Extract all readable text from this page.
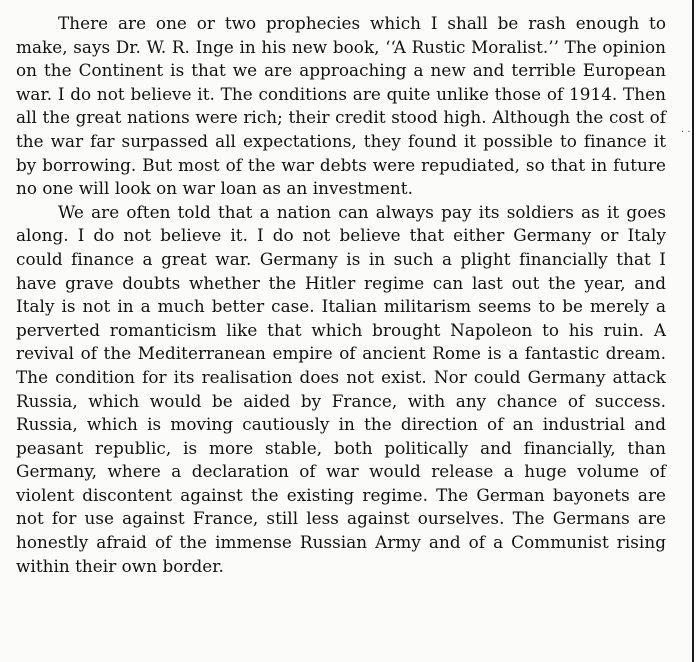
There are one or two prophecies which I shall be rash enough to make, says Dr. W. R. Inge in his new book, ‘‘A Rustic Moralist.’’ The opinion on the Continent is that we are approaching a new and terrible European war. I do not believe it. The conditions are quite unlike those of 1914. Then all the great nations were rich; their credit stood high. Although the cost of the war far surpassed all expectations, they found it possible to finance it by borrowing. But most of the war debts were repudiated, so that in future no one will look on war loan as an investment.

We are often told that a nation can always pay its soldiers as it goes along. I do not believe it. I do not believe that either Germany or Italy could finance a great war. Germany is in such a plight financially that I have grave doubts whether the Hitler regime can last out the year, and Italy is not in a much better case. Italian militarism seems to be merely a perverted romanticism like that which brought Napoleon to his ruin. A revival of the Mediterranean empire of ancient Rome is a fantastic dream. The condition for its realisation does not exist. Nor could Germany attack Russia, which would be aided by France, with any chance of success. Russia, which is moving cautiously in the direction of an industrial and peasant republic, is more stable, both politically and financially, than Germany, where a declaration of war would release a huge volume of violent discontent against the existing regime. The German bayonets are not for use against France, still less against ourselves. The Germans are honestly afraid of the immense Russian Army and of a Communist rising within their own border.

. .
